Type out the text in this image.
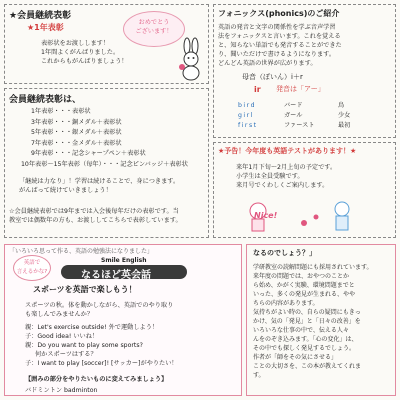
★会員継続表彰
★1年表彰
おめでとう
ございます！
表彰状をお渡しします！
1年間よくがんばりました。
これからもがんばりましょう！
会員継続表彰は、
1年表彰・・・表彰状
3年表彰・・・銅メダル＋表彰状
5年表彰・・・銀メダル＋表彰状
7年表彰・・・金メダル＋表彰状
9年表彰・・・記念シャープペン＋表彰状
10年表彰〜15年表彰（毎年）・・・記念ピンバッジ＋表彰状
「継続は力なり」！学習は続けることで、身につきます。
がんばって続けていきましょう！
☆会員継続表彰では9年までは入会後毎年だけの表彰です。当
教室では偶数年の方も、お渡ししてこちらで表彰しています。
フォニックス(phonics)のご紹介
英語の発音と文字の関係性を学ぶ音声学習
法をフォニックスと言います。これを覚える
と、知らない単語でも発音することができた
り、聞いただけで書けるようになります。
どんどん英語の世界が広がります。
母音（ぼいん）i＋r
ir 発音は「アー」
bird	バード	鳥
girl	ガール	少女
first	ファースト	最初
★予告！今年度も英語テストがあります！★
来年1月下旬〜2月上旬の予定です。
小学生は全員受験です。
来月号でくわしくご案内します。
Nice!
「いろいろ思って作る、英語の勉強法になりました」
英語で
言えるかな?
Smile English
なるほど英会話
スポーツを英語で楽しもう！
スポーツの秋。体を動かしながら、英語でのやり取り
も楽しんでみませんか？
親：Let's exercise outside! 外で運動しよう！
子：Good idea! いいね！
親：Do you want to play some sports?
何かスポーツはする？
子：I want to play [soccer]! [サッカー]がやりたい！
【囲みの部分をやりたいものに変えてみましょう】
バドミントン badminton
なるのでしょう？」
学研教室の読解問題にも採用されています。
来年度の問題では、おやつのことか
ら始め、かがく実験、環境問題までと
いった、多くの発見が生まれる、やや
ちらの内容があります。
気持ちがよい時の、自らの疑問にもきっ
かけ、気の「発見」と「日々の改善」を
いろいろな仕事の中で、伝える人々
んをのぞき込みます。「心の変化」は、
その中でも探しく発見するでしょう。
作者が「師をその気にさせる」
ことの大切さを、この本が教えてくれま
す。
